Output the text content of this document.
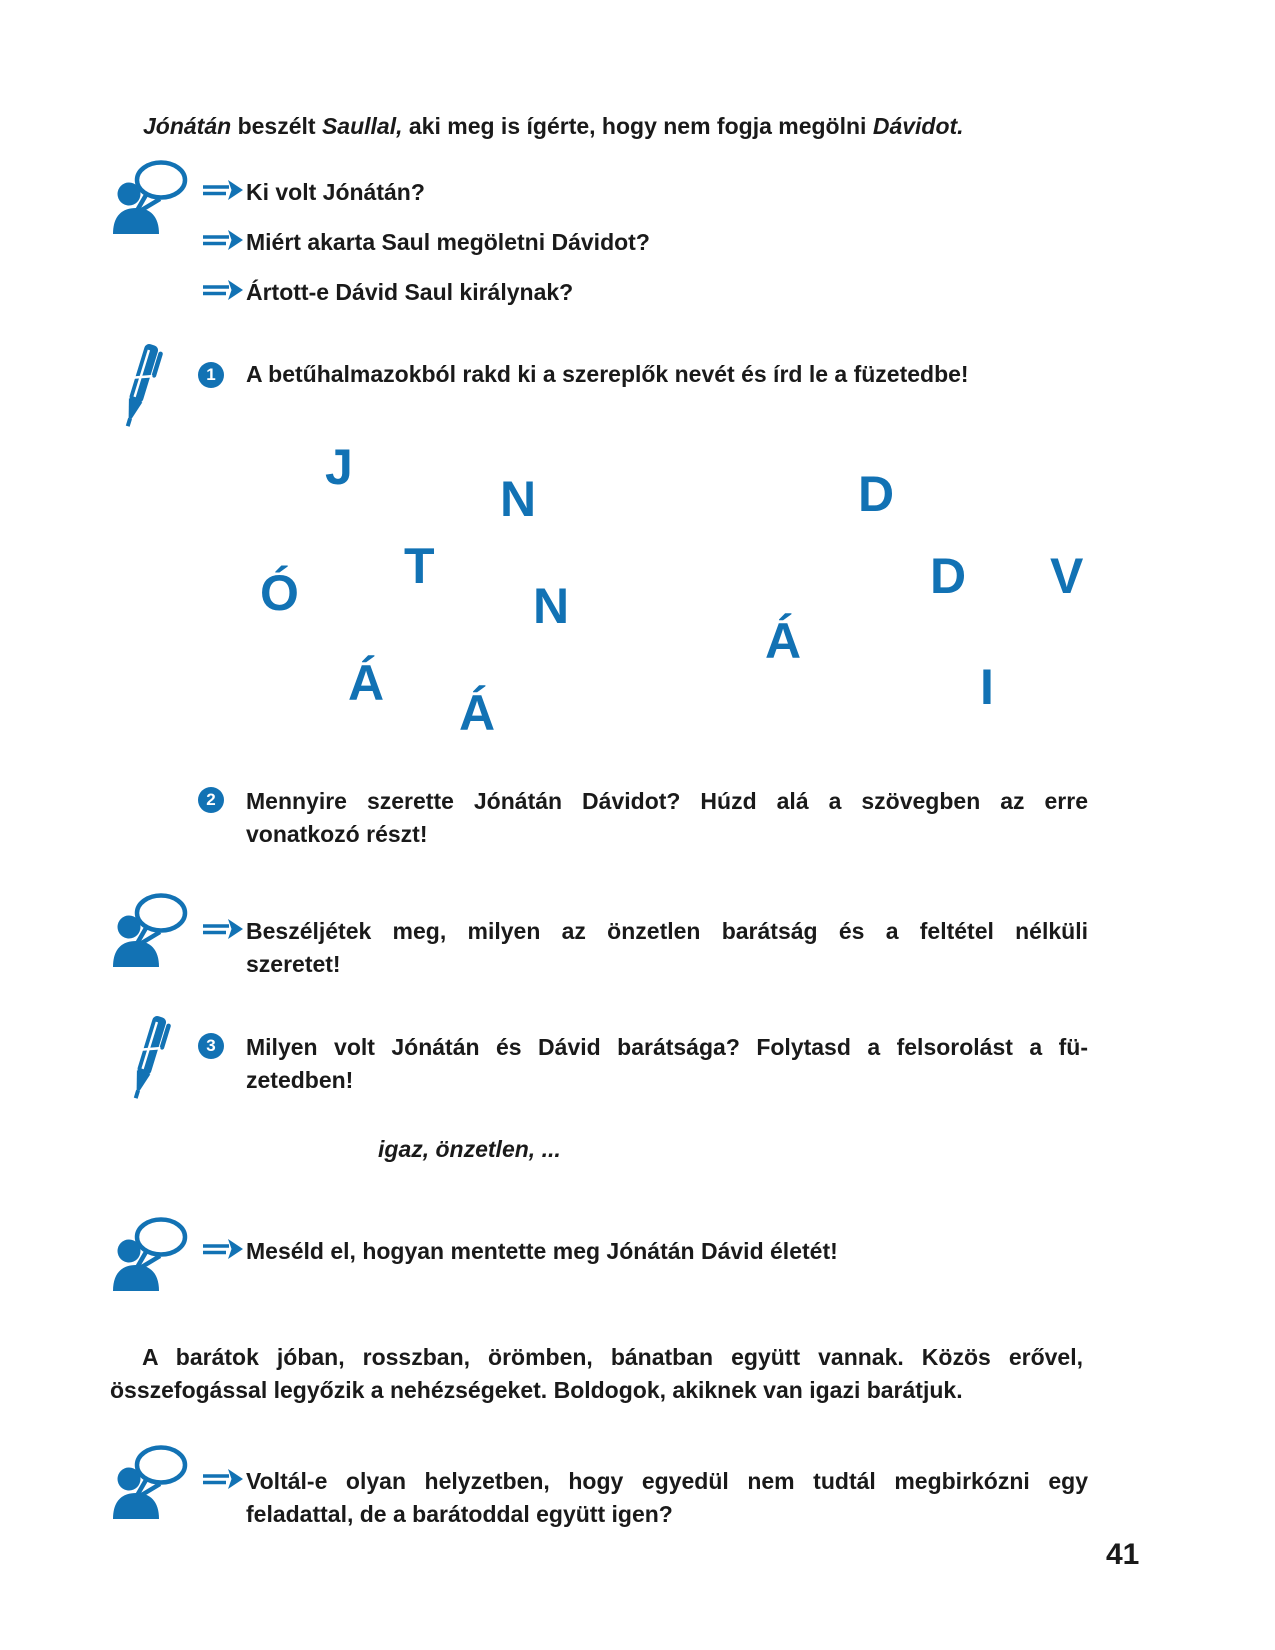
Jónátán beszélt Saullal, aki meg is ígérte, hogy nem fogja megölni Dávidot.
Ki volt Jónátán?
Miért akarta Saul megöletni Dávidot?
Ártott-e Dávid Saul királynak?
1	A betűhalmazokból rakd ki a szereplők nevét és írd le a füzetedbe!
J
N	D
T
Ó	N
D V
Á
Á
Á	I
2	Mennyire szerette Jónátán Dávidot? Húzd alá a szövegben az erre
vonatkozó részt!
Beszéljétek meg, milyen az önzetlen barátság és a feltétel nélküli
szeretet!
3	Milyen volt Jónátán és Dávid barátsága? Folytasd a felsorolást a fü-
zetedben!
igaz, önzetlen, ...
Meséld el, hogyan mentette meg Jónátán Dávid életét!
A barátok jóban, rosszban, örömben, bánatban együtt vannak. Közös erővel,
összefogással legyőzik a nehézségeket. Boldogok, akiknek van igazi barátjuk.
Voltál-e olyan helyzetben, hogy egyedül nem tudtál megbirkózni egy
feladattal, de a barátoddal együtt igen?
41
